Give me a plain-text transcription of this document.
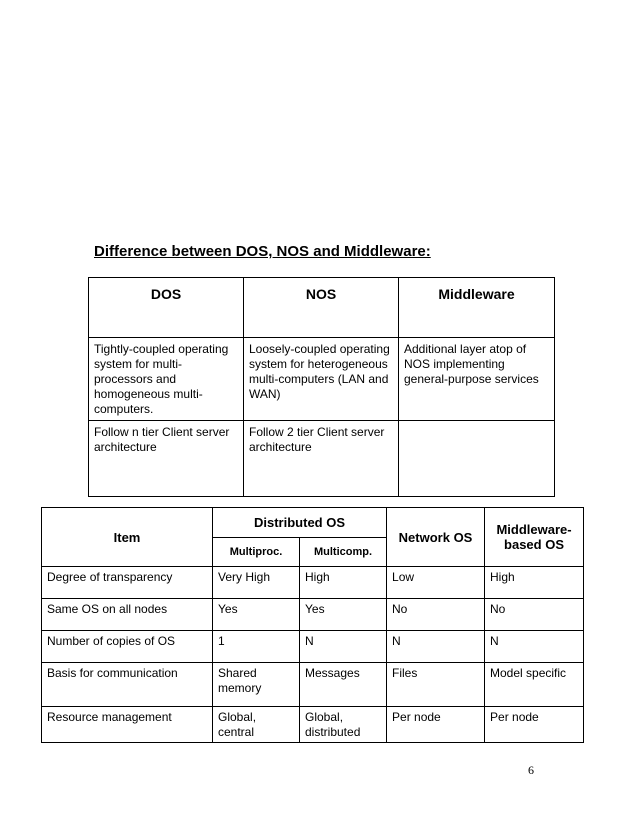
Difference between DOS, NOS and Middleware:
DOS	NOS	Middleware
Tightly-coupled operating system for multi-processors and homogeneous multi-computers.	Loosely-coupled operating system for heterogeneous multi-computers (LAN and WAN)	Additional layer atop of NOS implementing general-purpose services
Follow n tier Client server architecture	Follow 2 tier Client server architecture	
Item	Distributed OS		Network OS	Middleware-based OS
	Multiproc.	Multicomp.		
Degree of transparency	Very High	High	Low	High
Same OS on all nodes	Yes	Yes	No	No
Number of copies of OS	1	N	N	N
Basis for communication	Shared memory	Messages	Files	Model specific
Resource management	Global, central	Global, distributed	Per node	Per node
6
